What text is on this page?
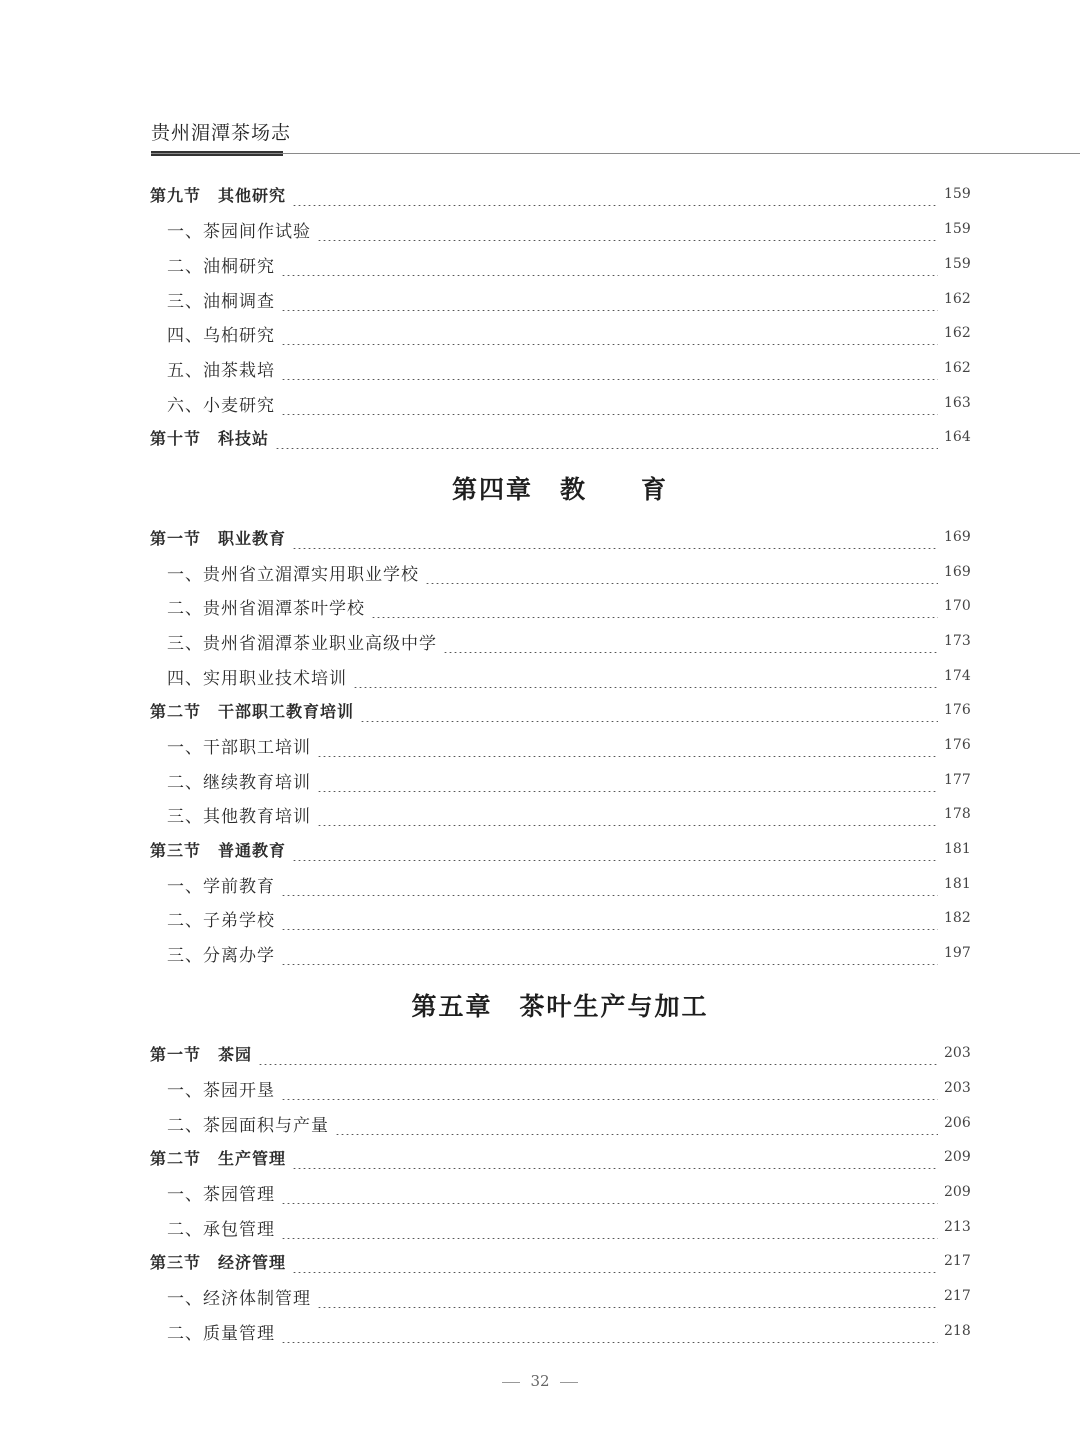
贵州湄潭茶场志
32
第九节　其他研究	159
一、茶园间作试验	159
二、油桐研究	159
三、油桐调查	162
四、乌桕研究	162
五、油茶栽培	162
六、小麦研究	163
第十节　科技站	164
第四章　教　　育
第一节　职业教育	169
一、贵州省立湄潭实用职业学校	169
二、贵州省湄潭茶叶学校	170
三、贵州省湄潭茶业职业高级中学	173
四、实用职业技术培训	174
第二节　干部职工教育培训	176
一、干部职工培训	176
二、继续教育培训	177
三、其他教育培训	178
第三节　普通教育	181
一、学前教育	181
二、子弟学校	182
三、分离办学	197
第五章　茶叶生产与加工
第一节　茶园	203
一、茶园开垦	203
二、茶园面积与产量	206
第二节　生产管理	209
一、茶园管理	209
二、承包管理	213
第三节　经济管理	217
一、经济体制管理	217
二、质量管理	218
